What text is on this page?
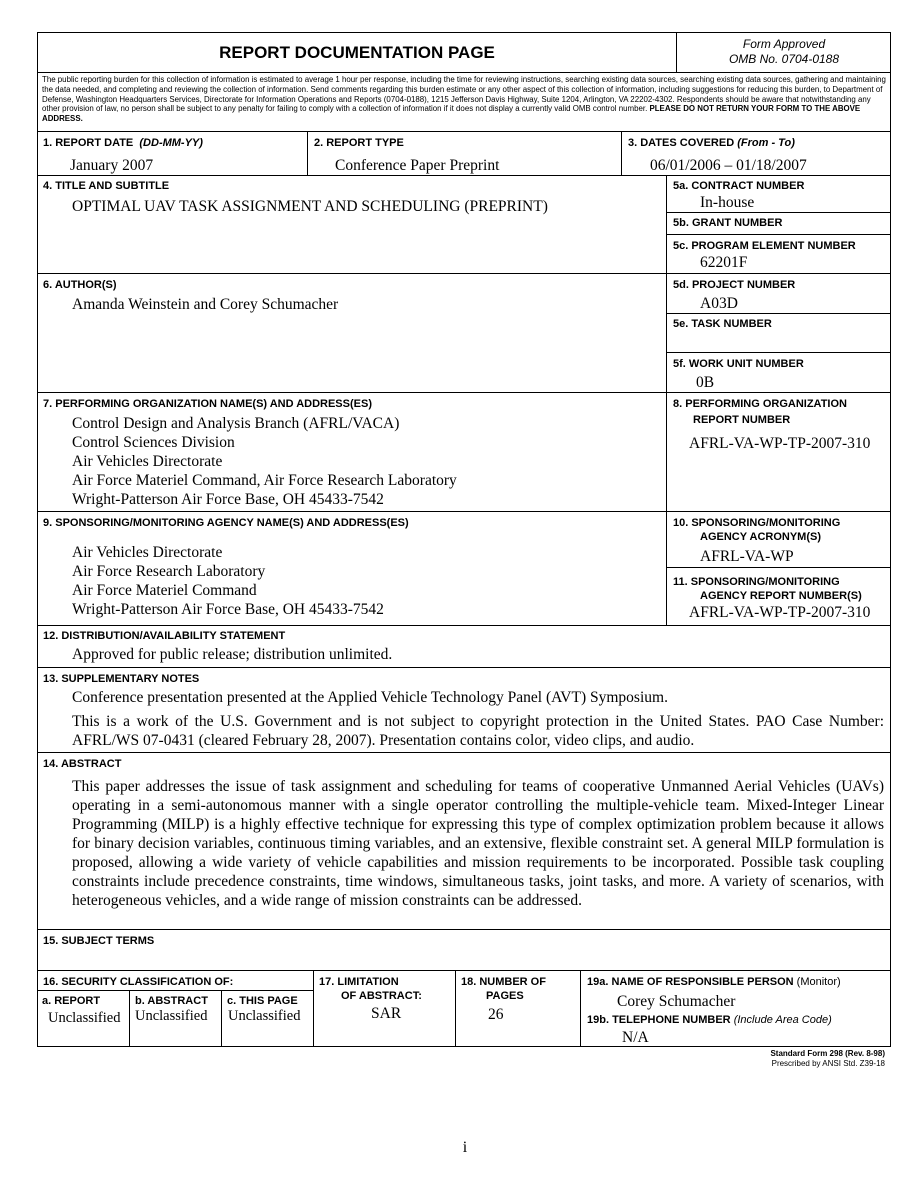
REPORT DOCUMENTATION PAGE	Form Approved
OMB No. 0704-0188
The public reporting burden for this collection of information is estimated to average 1 hour per response, including the time for reviewing instructions, searching existing data sources, searching existing data sources, gathering and maintaining the data needed, and completing and reviewing the collection of information. Send comments regarding this burden estimate or any other aspect of this collection of information, including suggestions for reducing this burden, to Department of Defense, Washington Headquarters Services, Directorate for Information Operations and Reports (0704-0188), 1215 Jefferson Davis Highway, Suite 1204, Arlington, VA 22202-4302. Respondents should be aware that notwithstanding any other provision of law, no person shall be subject to any penalty for failing to comply with a collection of information if it does not display a currently valid OMB control number. PLEASE DO NOT RETURN YOUR FORM TO THE ABOVE ADDRESS.
1. REPORT DATE (DD-MM-YY)
January 2007
2. REPORT TYPE
Conference Paper Preprint
3. DATES COVERED (From - To)
06/01/2006 – 01/18/2007
4. TITLE AND SUBTITLE
OPTIMAL UAV TASK ASSIGNMENT AND SCHEDULING (PREPRINT)
5a. CONTRACT NUMBER
In-house
5b. GRANT NUMBER
5c. PROGRAM ELEMENT NUMBER
62201F
6. AUTHOR(S)
Amanda Weinstein and Corey Schumacher
5d. PROJECT NUMBER
A03D
5e. TASK NUMBER
5f. WORK UNIT NUMBER
0B
7. PERFORMING ORGANIZATION NAME(S) AND ADDRESS(ES)
Control Design and Analysis Branch (AFRL/VACA)
Control Sciences Division
Air Vehicles Directorate
Air Force Materiel Command, Air Force Research Laboratory
Wright-Patterson Air Force Base, OH 45433-7542
8. PERFORMING ORGANIZATION
REPORT NUMBER
AFRL-VA-WP-TP-2007-310
9. SPONSORING/MONITORING AGENCY NAME(S) AND ADDRESS(ES)
Air Vehicles Directorate
Air Force Research Laboratory
Air Force Materiel Command
Wright-Patterson Air Force Base, OH 45433-7542
10. SPONSORING/MONITORING
AGENCY ACRONYM(S)
AFRL-VA-WP
11. SPONSORING/MONITORING
AGENCY REPORT NUMBER(S)
AFRL-VA-WP-TP-2007-310
12. DISTRIBUTION/AVAILABILITY STATEMENT
Approved for public release; distribution unlimited.
13. SUPPLEMENTARY NOTES
Conference presentation presented at the Applied Vehicle Technology Panel (AVT) Symposium.
This is a work of the U.S. Government and is not subject to copyright protection in the United States. PAO Case Number: AFRL/WS 07-0431 (cleared February 28, 2007). Presentation contains color, video clips, and audio.
14. ABSTRACT
This paper addresses the issue of task assignment and scheduling for teams of cooperative Unmanned Aerial Vehicles (UAVs) operating in a semi-autonomous manner with a single operator controlling the multiple-vehicle team. Mixed-Integer Linear Programming (MILP) is a highly effective technique for expressing this type of complex optimization problem because it allows for binary decision variables, continuous timing variables, and an extensive, flexible constraint set. A general MILP formulation is proposed, allowing a wide variety of vehicle capabilities and mission requirements to be incorporated. Possible task coupling constraints include precedence constraints, time windows, simultaneous tasks, joint tasks, and more. A variety of scenarios, with heterogeneous vehicles, and a wide range of mission constraints can be addressed.
15. SUBJECT TERMS
16. SECURITY CLASSIFICATION OF:
a. REPORT
Unclassified
b. ABSTRACT
Unclassified
c. THIS PAGE
Unclassified
17. LIMITATION
OF ABSTRACT:
SAR
18. NUMBER OF
PAGES
26
19a. NAME OF RESPONSIBLE PERSON (Monitor)
Corey Schumacher
19b. TELEPHONE NUMBER (Include Area Code)
N/A
Standard Form 298 (Rev. 8-98)
Prescribed by ANSI Std. Z39-18
i
